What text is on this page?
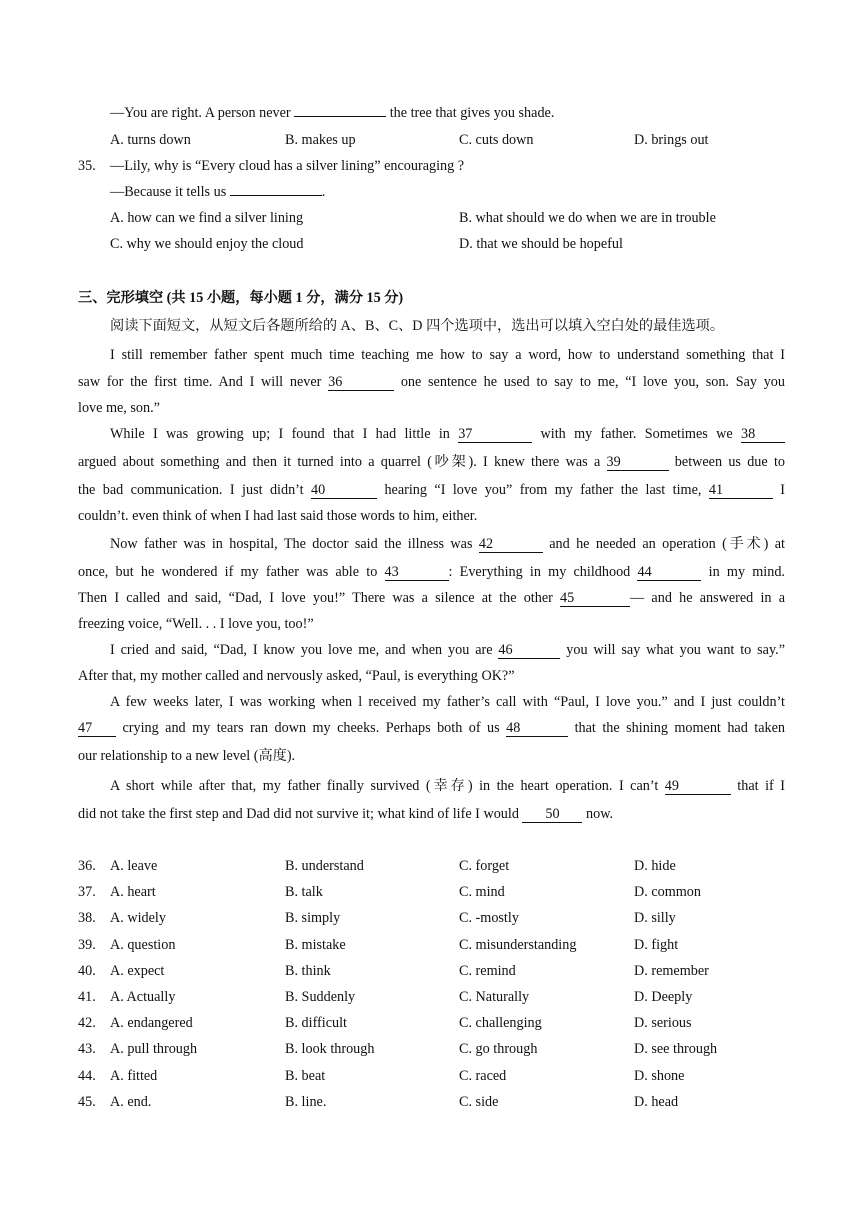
—You are right. A person never	the tree that gives you shade.
A. turns down	B. makes up	C. cuts down	D. brings out
35. —Lily, why is “Every cloud has a silver lining” encouraging ?
—Because it tells us	.
A. how can we find a silver lining	B. what should we do when we are in trouble
C. why we should enjoy the cloud	D. that we should be hopeful
三、完形填空 (共 15 小题，每小题 1 分，满分 15 分)
阅读下面短文，从短文后各题所给的 A、B、C、D 四个选项中，选出可以填入空白处的最佳选项。
I still remember father spent much time teaching me how to say a word, how to understand something that I
saw for the first time. And I will never 36	one sentence he used to say to me, “I love you, son. Say you
love me, son.”
While I was growing up; I found that I had little in 37	with my father. Sometimes we 38
argued about something and then it turned into a quarrel (吵架). I knew there was a 39	between us due to
the bad communication. I just didn’t 40	hearing “I love you” from my father the last time, 41	I
couldn’t. even think of when I had last said those words to him, either.
Now father was in hospital, The doctor said the illness was 42	and he needed an operation (手术) at
once, but he wondered if my father was able to 43	: Everything in my childhood 44	in my mind.
Then I called and said, “Dad, I love you!” There was a silence at the other 45	— and he answered in a
freezing voice, “Well. . . I love you, too!”
I cried and said, “Dad, I know you love me, and when you are 46	you will say what you want to say.”
After that, my mother called and nervously asked, “Paul, is everything OK?”
A few weeks later, I was working when l received my father’s call with “Paul, I love you.” and I just couldn’t
47 crying and my tears ran down my cheeks. Perhaps both of us 48	that the shining moment had taken
our relationship to a new level (高度).
A short while after that, my father finally survived (幸存) in the heart operation. I can’t 49	that if I
did not take the first step and Dad did not survive it; what kind of life I would 50 now.
36. A. leave	B. understand	C. forget	D. hide
37. A. heart	B. talk	C. mind	D. common
38. A. widely	B. simply	C. -mostly	D. silly
39. A. question	B. mistake	C. misunderstanding	D. fight
40. A. expect	B. think	C. remind	D. remember
41. A. Actually	B. Suddenly	C. Naturally	D. Deeply
42. A. endangered	B. difficult	C. challenging	D. serious
43. A. pull through	B. look through	C. go through	D. see through
44. A. fitted	B. beat	C. raced	D. shone
45. A. end.	B. line.	C. side	D. head
